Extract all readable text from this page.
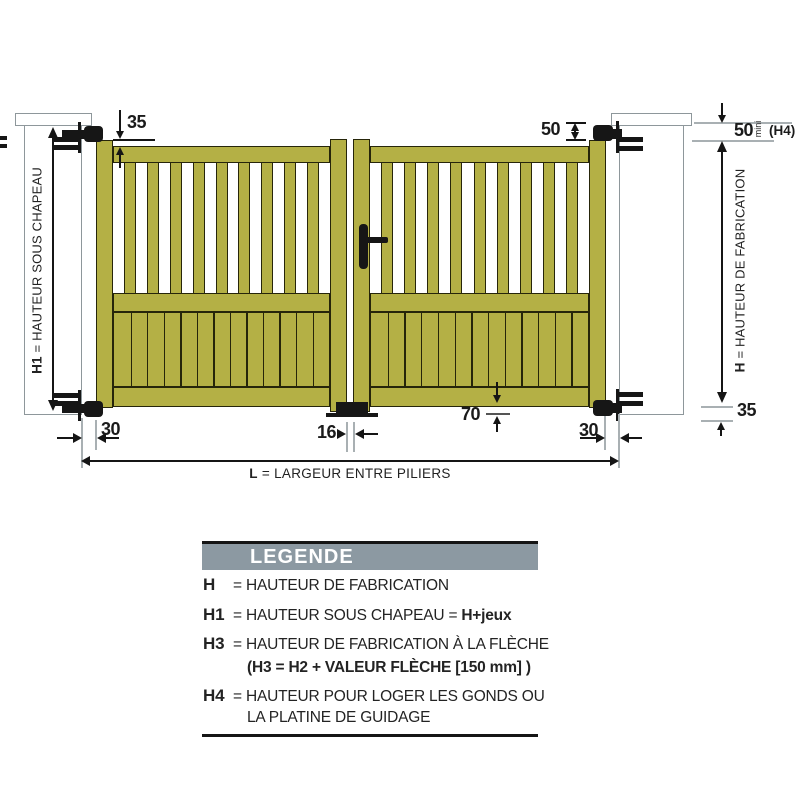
H1 = HAUTEUR SOUS CHAPEAU
35	50	50 mini (H4)
H = HAUTEUR DE FABRICATION
35
70
30	16	30
L = LARGEUR ENTRE PILIERS
LEGENDE
H = HAUTEUR DE FABRICATION
H1 = HAUTEUR SOUS CHAPEAU = H+jeux
H3 = HAUTEUR DE FABRICATION À LA FLÈCHE
(H3 = H2 + VALEUR FLÈCHE [150 mm] )
H4 = HAUTEUR POUR LOGER LES GONDS OU
LA PLATINE DE GUIDAGE
